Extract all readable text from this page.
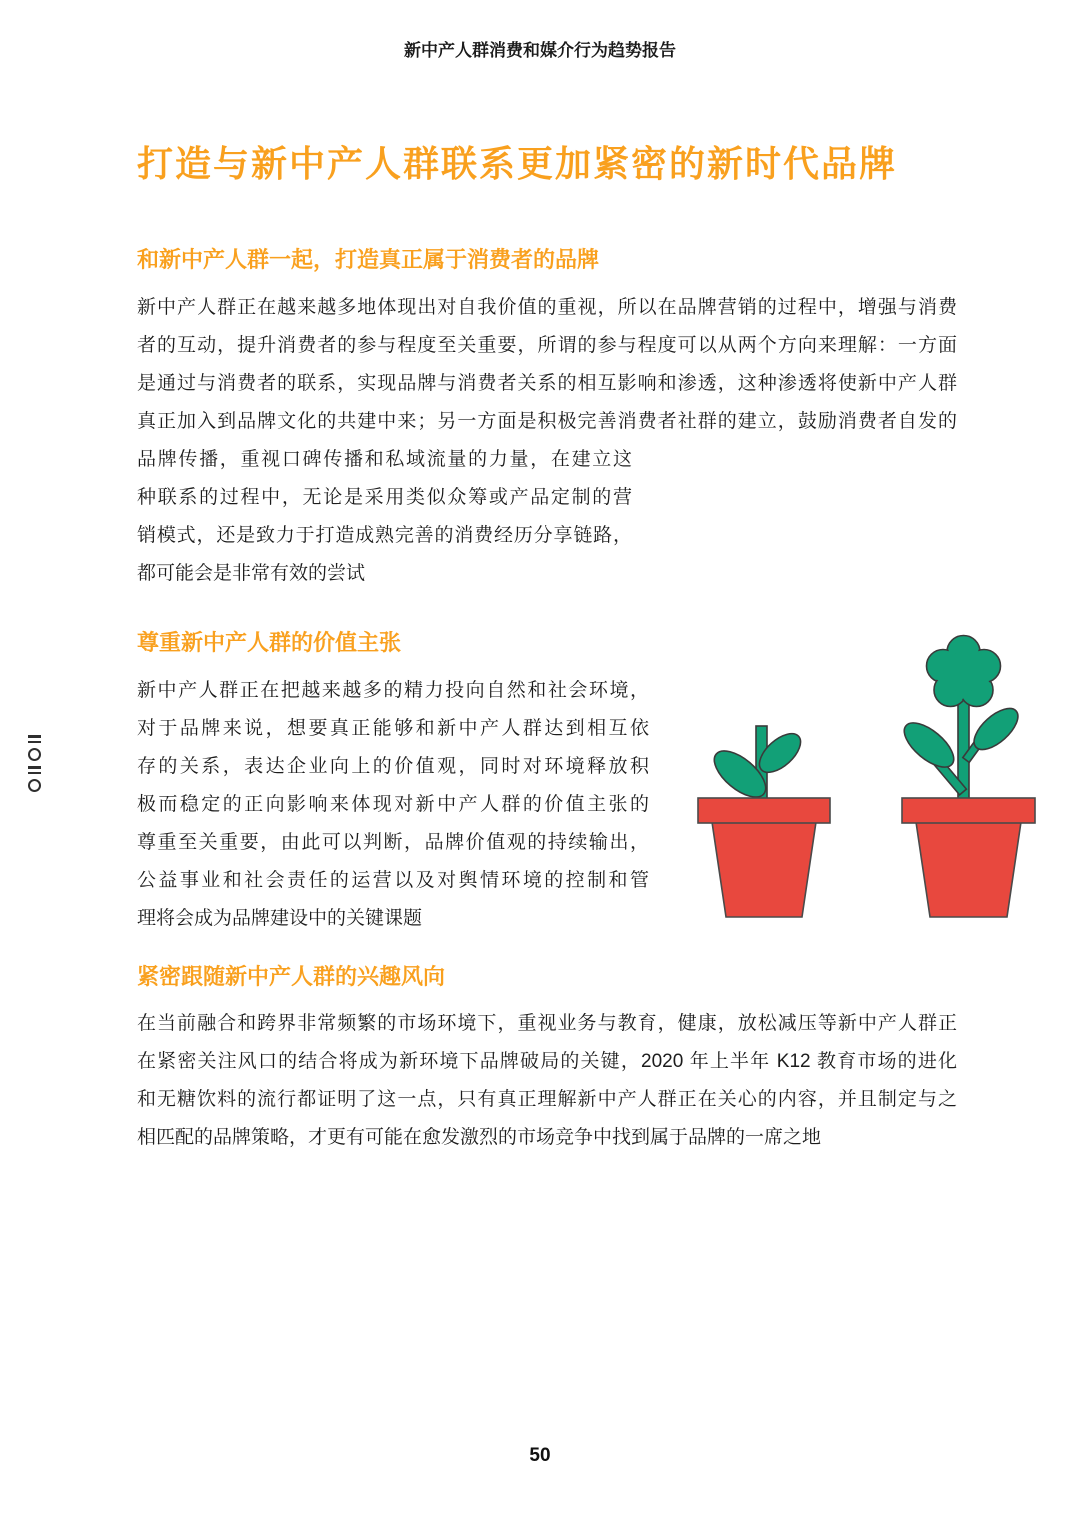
新中产人群消费和媒介行为趋势报告
打造与新中产人群联系更加紧密的新时代品牌
和新中产人群一起，打造真正属于消费者的品牌
新中产人群正在越来越多地体现出对自我价值的重视，所以在品牌营销的过程中，增强与消费
者的互动，提升消费者的参与程度至关重要，所谓的参与程度可以从两个方向来理解：一方面
是通过与消费者的联系，实现品牌与消费者关系的相互影响和渗透，这种渗透将使新中产人群
真正加入到品牌文化的共建中来；另一方面是积极完善消费者社群的建立，鼓励消费者自发的
品牌传播，重视口碑传播和私域流量的力量，在建立这
种联系的过程中，无论是采用类似众筹或产品定制的营
销模式，还是致力于打造成熟完善的消费经历分享链路，
都可能会是非常有效的尝试
尊重新中产人群的价值主张
新中产人群正在把越来越多的精力投向自然和社会环境，
对于品牌来说，想要真正能够和新中产人群达到相互依
存的关系，表达企业向上的价值观，同时对环境释放积
极而稳定的正向影响来体现对新中产人群的价值主张的
尊重至关重要，由此可以判断，品牌价值观的持续输出，
公益事业和社会责任的运营以及对舆情环境的控制和管
理将会成为品牌建设中的关键课题
紧密跟随新中产人群的兴趣风向
在当前融合和跨界非常频繁的市场环境下，重视业务与教育，健康，放松减压等新中产人群正
在紧密关注风口的结合将成为新环境下品牌破局的关键，2020 年上半年 K12 教育市场的进化
和无糖饮料的流行都证明了这一点，只有真正理解新中产人群正在关心的内容，并且制定与之
相匹配的品牌策略，才更有可能在愈发激烈的市场竞争中找到属于品牌的一席之地
50
